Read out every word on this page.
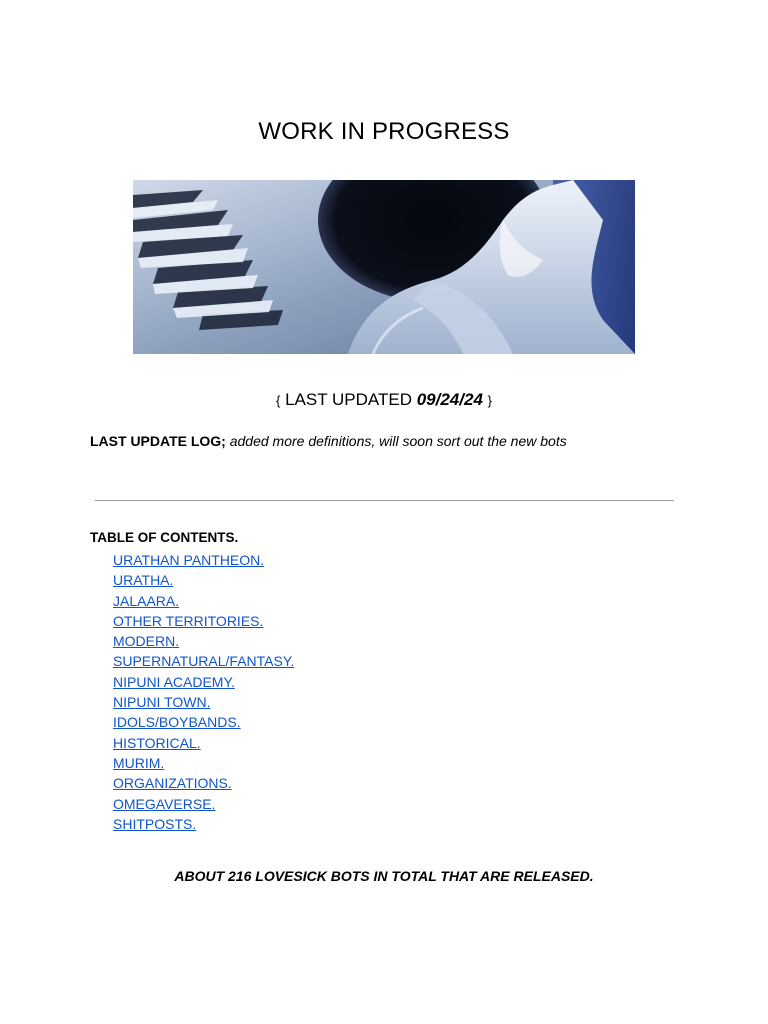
WORK IN PROGRESS
{ LAST UPDATED 09/24/24 }
LAST UPDATE LOG; added more definitions, will soon sort out the new bots
TABLE OF CONTENTS.
URATHAN PANTHEON.
URATHA.
JALAARA.
OTHER TERRITORIES.
MODERN.
SUPERNATURAL/FANTASY.
NIPUNI ACADEMY.
NIPUNI TOWN.
IDOLS/BOYBANDS.
HISTORICAL.
MURIM.
ORGANIZATIONS.
OMEGAVERSE.
SHITPOSTS.
ABOUT 216 LOVESICK BOTS IN TOTAL THAT ARE RELEASED.
